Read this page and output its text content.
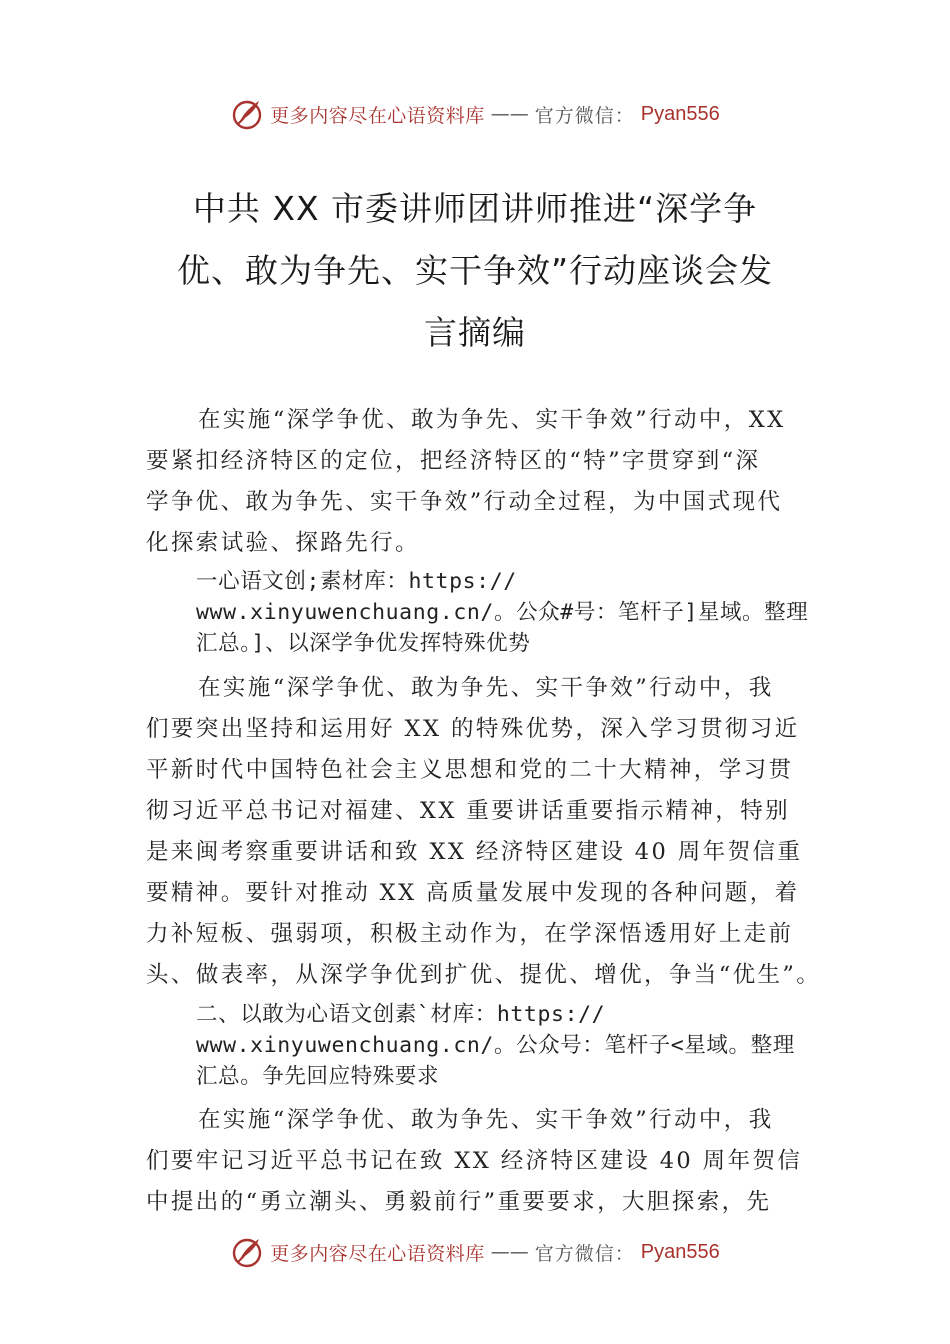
更多内容尽在心语资料库 —— 官方微信： Pyan556
中共 XX 市委讲师团讲师推进“深学争
优、敢为争先、实干争效”行动座谈会发
言摘编
在实施“深学争优、敢为争先、实干争效”行动中，XX
要紧扣经济特区的定位，把经济特区的“特”字贯穿到“深
学争优、敢为争先、实干争效”行动全过程，为中国式现代
化探索试验、探路先行。
一心语文创;素材库：https://
www.xinyuwenchuang.cn/。公众#号：笔杆子]星域。整理
汇总。]、以深学争优发挥特殊优势
在实施“深学争优、敢为争先、实干争效”行动中，我
们要突出坚持和运用好 XX 的特殊优势，深入学习贯彻习近
平新时代中国特色社会主义思想和党的二十大精神，学习贯
彻习近平总书记对福建、XX 重要讲话重要指示精神，特别
是来闽考察重要讲话和致 XX 经济特区建设 40 周年贺信重
要精神。要针对推动 XX 高质量发展中发现的各种问题，着
力补短板、强弱项，积极主动作为，在学深悟透用好上走前
头、做表率，从深学争优到扩优、提优、增优，争当“优生”。
二、以敢为心语文创素`材库：https://
www.xinyuwenchuang.cn/。公众号：笔杆子<星域。整理
汇总。争先回应特殊要求
在实施“深学争优、敢为争先、实干争效”行动中，我
们要牢记习近平总书记在致 XX 经济特区建设 40 周年贺信
中提出的“勇立潮头、勇毅前行”重要要求，大胆探索，先
更多内容尽在心语资料库 —— 官方微信： Pyan556
